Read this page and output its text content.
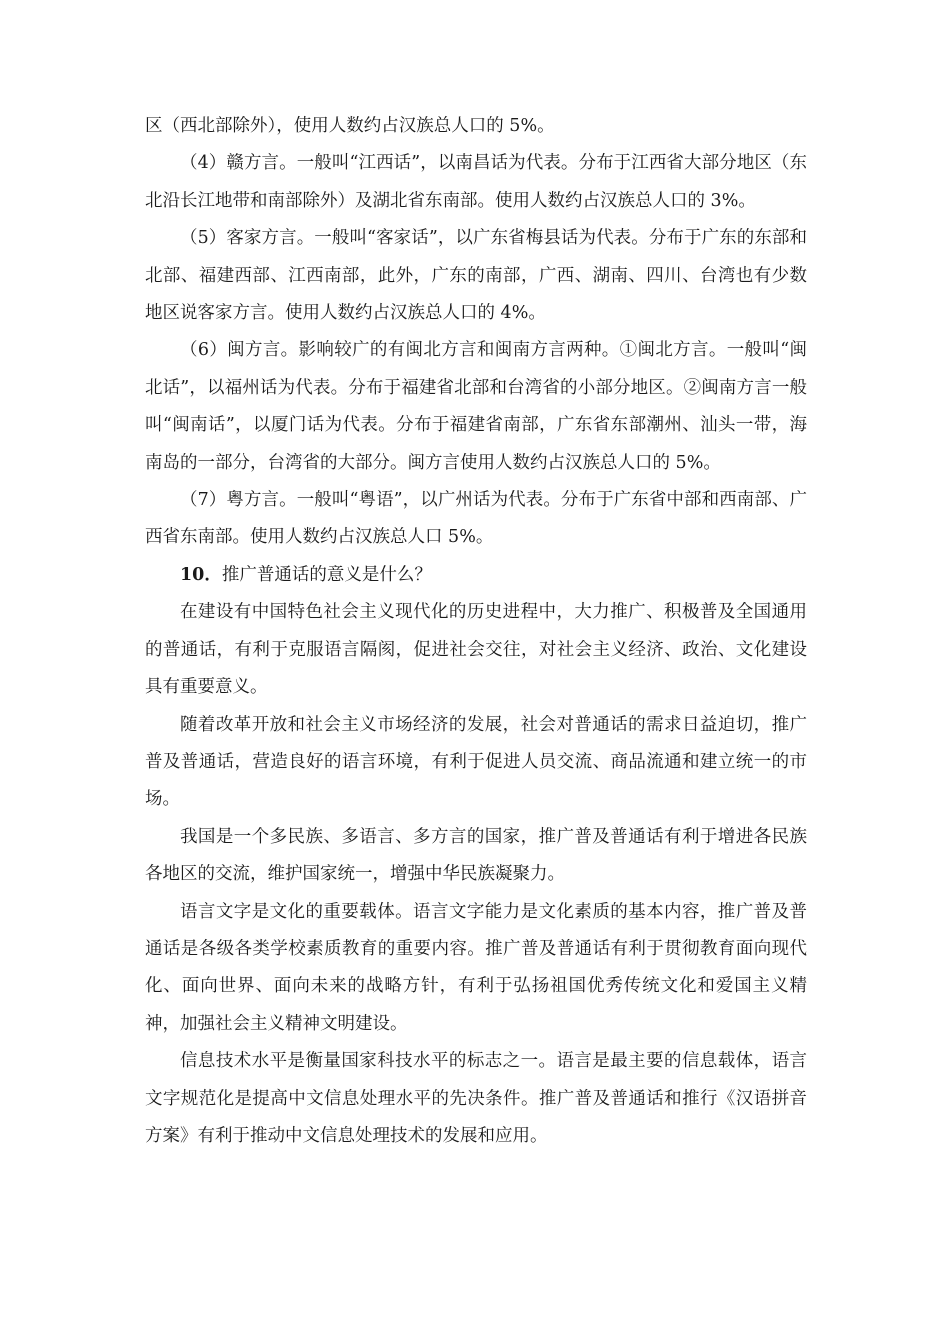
区（西北部除外），使用人数约占汉族总人口的 5%。

（4）赣方言。一般叫“江西话”，以南昌话为代表。分布于江西省大部分地区（东北沿长江地带和南部除外）及湖北省东南部。使用人数约占汉族总人口的 3%。

（5）客家方言。一般叫“客家话”，以广东省梅县话为代表。分布于广东的东部和北部、福建西部、江西南部，此外，广东的南部，广西、湖南、四川、台湾也有少数地区说客家方言。使用人数约占汉族总人口的 4%。

（6）闽方言。影响较广的有闽北方言和闽南方言两种。①闽北方言。一般叫“闽北话”，以福州话为代表。分布于福建省北部和台湾省的小部分地区。②闽南方言一般叫“闽南话”，以厦门话为代表。分布于福建省南部，广东省东部潮州、汕头一带，海南岛的一部分，台湾省的大部分。闽方言使用人数约占汉族总人口的 5%。

（7）粤方言。一般叫“粤语”，以广州话为代表。分布于广东省中部和西南部、广西省东南部。使用人数约占汉族总人口 5%。

10．推广普通话的意义是什么？

在建设有中国特色社会主义现代化的历史进程中，大力推广、积极普及全国通用的普通话，有利于克服语言隔阂，促进社会交往，对社会主义经济、政治、文化建设具有重要意义。

随着改革开放和社会主义市场经济的发展，社会对普通话的需求日益迫切，推广普及普通话，营造良好的语言环境，有利于促进人员交流、商品流通和建立统一的市场。

我国是一个多民族、多语言、多方言的国家，推广普及普通话有利于增进各民族各地区的交流，维护国家统一，增强中华民族凝聚力。

语言文字是文化的重要载体。语言文字能力是文化素质的基本内容，推广普及普通话是各级各类学校素质教育的重要内容。推广普及普通话有利于贯彻教育面向现代化、面向世界、面向未来的战略方针，有利于弘扬祖国优秀传统文化和爱国主义精神，加强社会主义精神文明建设。

信息技术水平是衡量国家科技水平的标志之一。语言是最主要的信息载体，语言文字规范化是提高中文信息处理水平的先决条件。推广普及普通话和推行《汉语拼音方案》有利于推动中文信息处理技术的发展和应用。
